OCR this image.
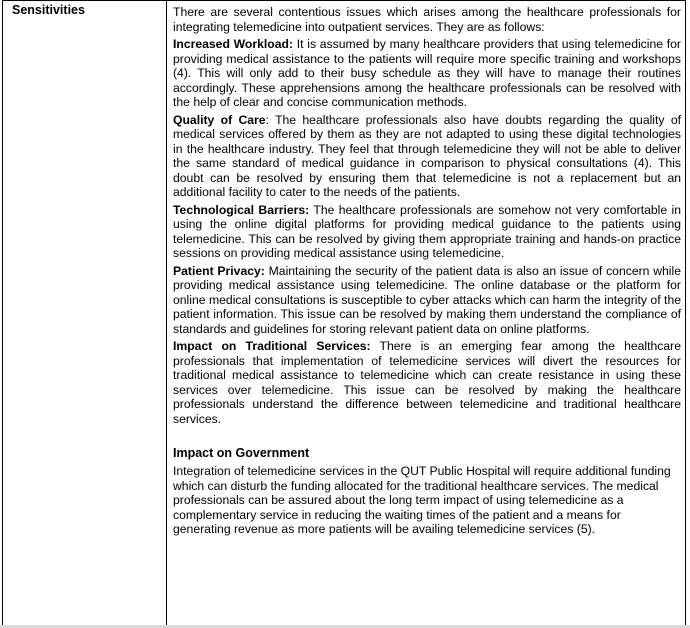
Sensitivities	There are several contentious issues which arises among the healthcare professionals for integrating telemedicine into outpatient services. They are as follows:

Increased Workload: It is assumed by many healthcare providers that using telemedicine for providing medical assistance to the patients will require more specific training and workshops (4). This will only add to their busy schedule as they will have to manage their routines accordingly. These apprehensions among the healthcare professionals can be resolved with the help of clear and concise communication methods.

Quality of Care: The healthcare professionals also have doubts regarding the quality of medical services offered by them as they are not adapted to using these digital technologies in the healthcare industry. They feel that through telemedicine they will not be able to deliver the same standard of medical guidance in comparison to physical consultations (4). This doubt can be resolved by ensuring them that telemedicine is not a replacement but an additional facility to cater to the needs of the patients.

Technological Barriers: The healthcare professionals are somehow not very comfortable in using the online digital platforms for providing medical guidance to the patients using telemedicine. This can be resolved by giving them appropriate training and hands-on practice sessions on providing medical assistance using telemedicine.

Patient Privacy: Maintaining the security of the patient data is also an issue of concern while providing medical assistance using telemedicine. The online database or the platform for online medical consultations is susceptible to cyber attacks which can harm the integrity of the patient information. This issue can be resolved by making them understand the compliance of standards and guidelines for storing relevant patient data on online platforms.

Impact on Traditional Services: There is an emerging fear among the healthcare professionals that implementation of telemedicine services will divert the resources for traditional medical assistance to telemedicine which can create resistance in using these services over telemedicine. This issue can be resolved by making the healthcare professionals understand the difference between telemedicine and traditional healthcare services.

Impact on Government

Integration of telemedicine services in the QUT Public Hospital will require additional funding which can disturb the funding allocated for the traditional healthcare services. The medical professionals can be assured about the long term impact of using telemedicine as a complementary service in reducing the waiting times of the patient and a means for generating revenue as more patients will be availing telemedicine services (5).
